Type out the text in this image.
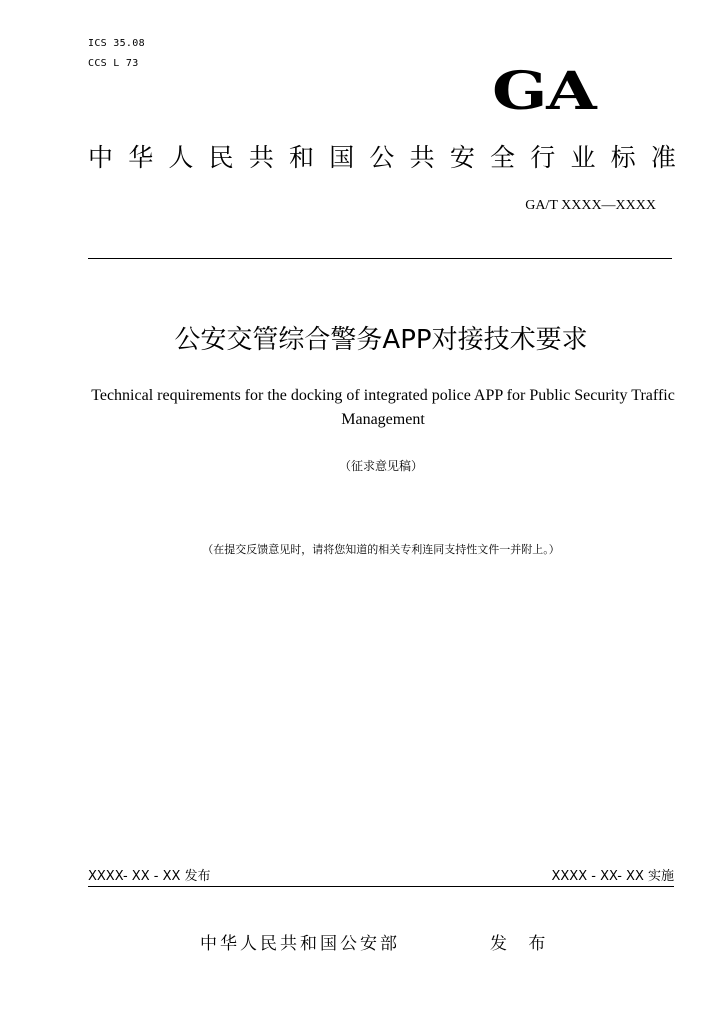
ICS 35.08
CCS L 73	GA
中 华 人 民 共 和 国 公 共 安 全 行 业 标 准
GA/T XXXX—XXXX
公安交管综合警务APP对接技术要求
Technical requirements for the docking of integrated police APP for Public Security Traffic Management
（征求意见稿）
（在提交反馈意见时，请将您知道的相关专利连同支持性文件一并附上。）
XXXX- XX - XX 发布	XXXX - XX- XX 实施
中华人民共和国公安部	发 布
